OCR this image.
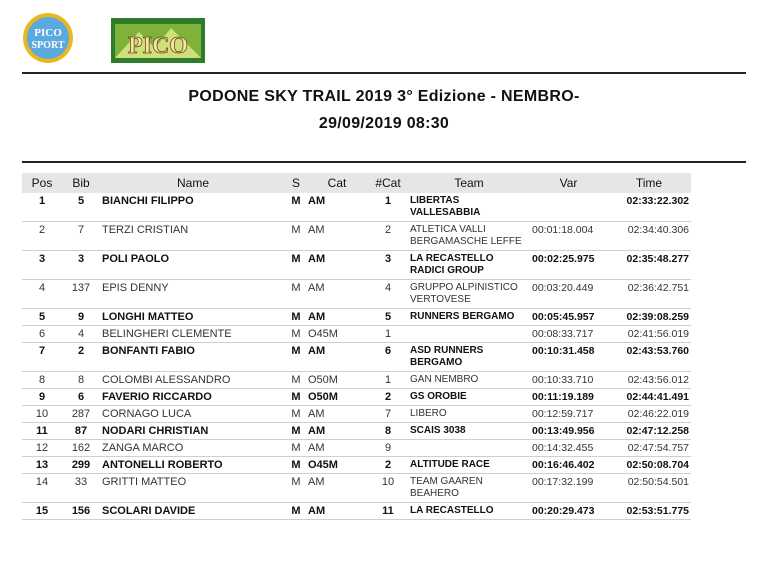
PICO
SPORT	PICO
PODONE SKY TRAIL 2019 3° Edizione - NEMBRO-
29/09/2019 08:30
Pos	Bib	Name	S	Cat	#Cat	Team	Var	Time
1	5	BIANCHI FILIPPO	M	AM	1	LIBERTAS VALLESABBIA		02:33:22.302
2	7	TERZI CRISTIAN	M	AM	2	ATLETICA VALLI BERGAMASCHE LEFFE	00:01:18.004	02:34:40.306
3	3	POLI PAOLO	M	AM	3	LA RECASTELLO RADICI GROUP	00:02:25.975	02:35:48.277
4	137	EPIS DENNY	M	AM	4	GRUPPO ALPINISTICO VERTOVESE	00:03:20.449	02:36:42.751
5	9	LONGHI MATTEO	M	AM	5	RUNNERS BERGAMO	00:05:45.957	02:39:08.259
6	4	BELINGHERI CLEMENTE	M	O45M	1		00:08:33.717	02:41:56.019
7	2	BONFANTI FABIO	M	AM	6	ASD RUNNERS BERGAMO	00:10:31.458	02:43:53.760
8	8	COLOMBI ALESSANDRO	M	O50M	1	GAN NEMBRO	00:10:33.710	02:43:56.012
9	6	FAVERIO RICCARDO	M	O50M	2	GS OROBIE	00:11:19.189	02:44:41.491
10	287	CORNAGO LUCA	M	AM	7	LIBERO	00:12:59.717	02:46:22.019
11	87	NODARI CHRISTIAN	M	AM	8	SCAIS 3038	00:13:49.956	02:47:12.258
12	162	ZANGA MARCO	M	AM	9		00:14:32.455	02:47:54.757
13	299	ANTONELLI ROBERTO	M	O45M	2	ALTITUDE RACE	00:16:46.402	02:50:08.704
14	33	GRITTI MATTEO	M	AM	10	TEAM GAAREN BEAHERO	00:17:32.199	02:50:54.501
15	156	SCOLARI DAVIDE	M	AM	11	LA RECASTELLO	00:20:29.473	02:53:51.775
